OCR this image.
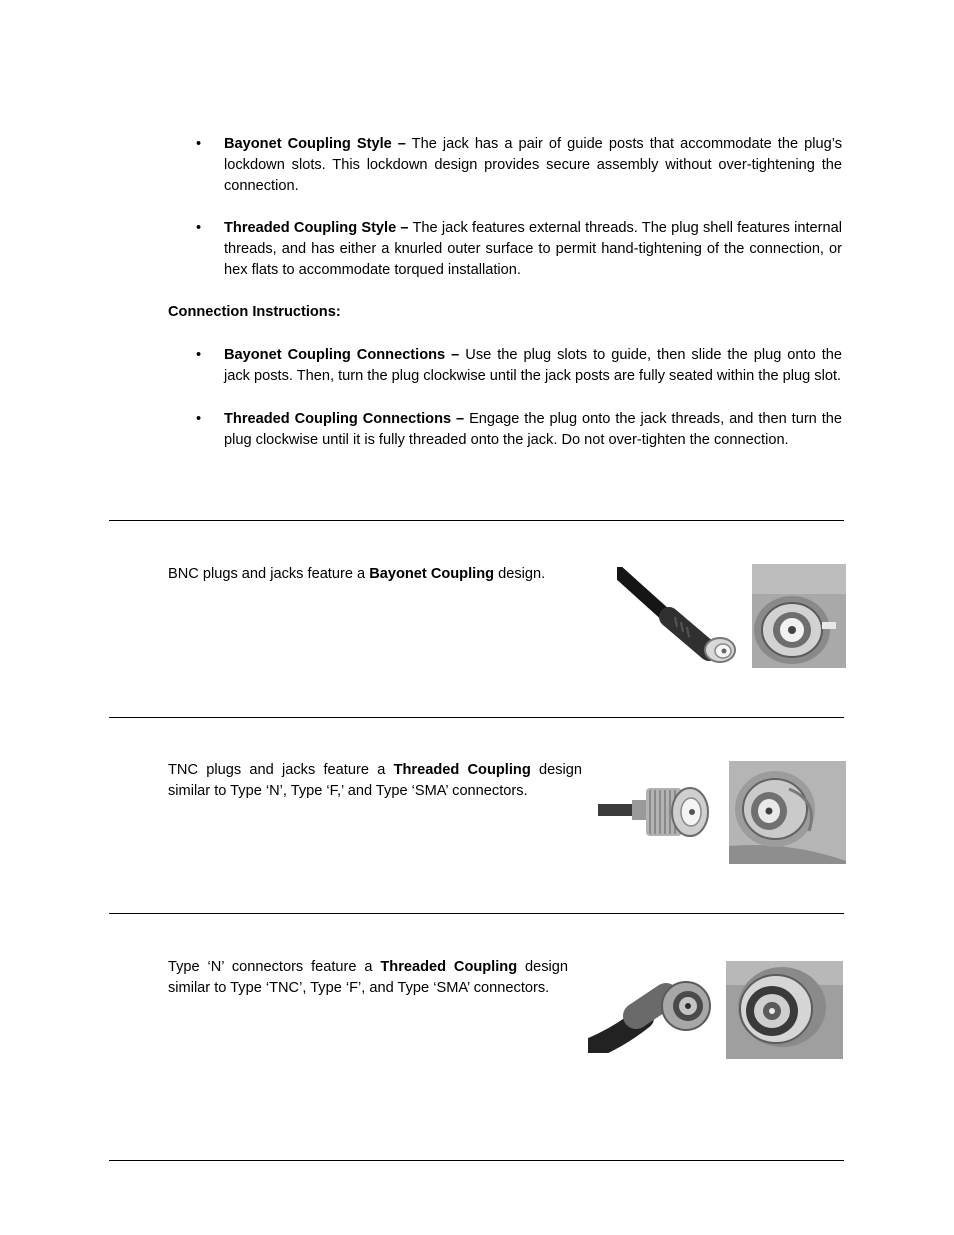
•	Bayonet Coupling Style – The jack has a pair of guide posts that accommodate the plug’s lockdown slots. This lockdown design provides secure assembly without over-tightening the connection.
•	Threaded Coupling Style – The jack features external threads. The plug shell features internal threads, and has either a knurled outer surface to permit hand-tightening of the connection, or hex flats to accommodate torqued installation.
Connection Instructions:
•	Bayonet Coupling Connections – Use the plug slots to guide, then slide the plug onto the jack posts. Then, turn the plug clockwise until the jack posts are fully seated within the plug slot.
•	Threaded Coupling Connections – Engage the plug onto the jack threads, and then turn the plug clockwise until it is fully threaded onto the jack. Do not over-tighten the connection.
BNC plugs and jacks feature a Bayonet Coupling design.
TNC plugs and jacks feature a Threaded Coupling design similar to Type ‘N’, Type ‘F,’ and Type ‘SMA’ connectors.
Type ‘N’ connectors feature a Threaded Coupling design similar to Type ‘TNC’, Type ‘F’, and Type ‘SMA’ connectors.
